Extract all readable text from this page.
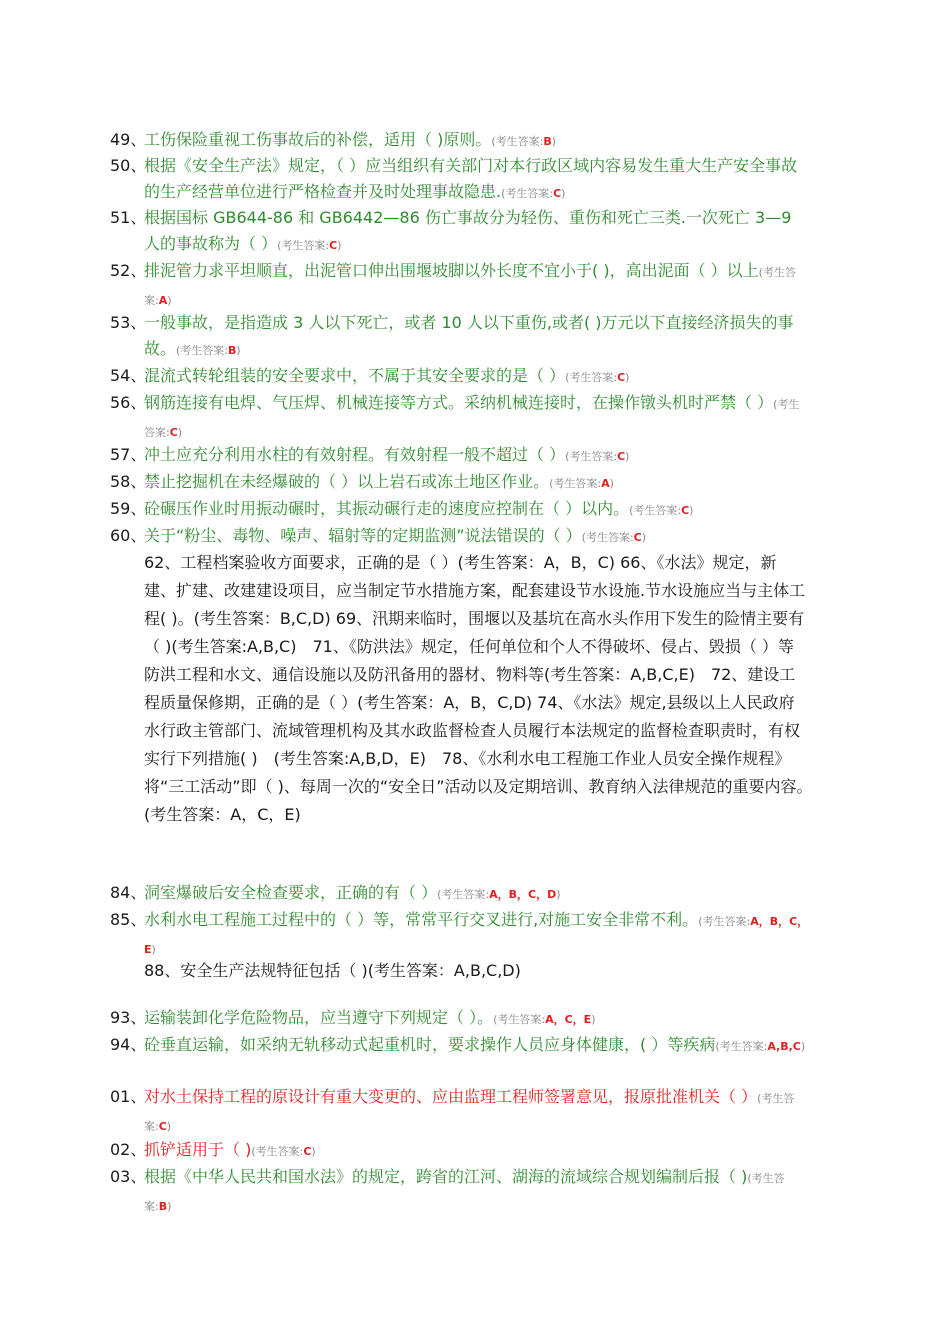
49、
工伤保险重视工伤事故后的补偿，适用（ )原则。(考生答案:B)
50、
根据《安全生产法》规定，（ ）应当组织有关部门对本行政区域内容易发生重大生产安全事故的生产经营单位进行严格检查并及时处理事故隐患.(考生答案:C)
51、
根据国标 GB644-86 和 GB6442—86 伤亡事故分为轻伤、重伤和死亡三类.一次死亡 3—9 人的事故称为（ ）(考生答案:C)
52、
排泥管力求平坦顺直，出泥管口伸出围堰坡脚以外长度不宜小于( )，高出泥面（ ）以上(考生答案:A)
53、
一般事故，是指造成 3 人以下死亡，或者 10 人以下重伤,或者( )万元以下直接经济损失的事故。(考生答案:B)
54、
混流式转轮组装的安全要求中，不属于其安全要求的是（ ）(考生答案:C)
56、
钢筋连接有电焊、气压焊、机械连接等方式。采纳机械连接时，在操作镦头机时严禁（ ）(考生答案:C)
57、
冲土应充分利用水柱的有效射程。有效射程一般不超过（ ）(考生答案:C)
58、
禁止挖掘机在未经爆破的（ ）以上岩石或冻土地区作业。(考生答案:A)
59、
砼碾压作业时用振动碾时，其振动碾行走的速度应控制在（ ）以内。(考生答案:C)
60、
关于“粉尘、毒物、噪声、辐射等的定期监测”说法错误的（ ）(考生答案:C)
62、工程档案验收方面要求，正确的是（ ）(考生答案：A，B，C) 66、《水法》规定，新建、扩建、改建建设项目，应当制定节水措施方案，配套建设节水设施.节水设施应当与主体工程( )。(考生答案：B,C,D) 69、汛期来临时，围堰以及基坑在高水头作用下发生的险情主要有（ )(考生答案:A,B,C)　71、《防洪法》规定，任何单位和个人不得破坏、侵占、毁损（ ）等防洪工程和水文、通信设施以及防汛备用的器材、物料等(考生答案：A,B,C,E)　72、建设工程质量保修期，正确的是（ ）(考生答案：A，B，C,D) 74、《水法》规定,县级以上人民政府水行政主管部门、流域管理机构及其水政监督检查人员履行本法规定的监督检查职责时，有权实行下列措施( )　(考生答案:A,B,D，E)　78、《水利水电工程施工作业人员安全操作规程》将“三工活动”即（ )、每周一次的“安全日”活动以及定期培训、教育纳入法律规范的重要内容。　(考生答案：A，C，E)
84、
洞室爆破后安全检查要求，正确的有（ ）(考生答案:A，B，C，D)
85、
水利水电工程施工过程中的（ ）等，常常平行交叉进行,对施工安全非常不利。(考生答案:A，B，C，E)
88、安全生产法规特征包括（ )(考生答案：A,B,C,D)
93、
运输装卸化学危险物品，应当遵守下列规定（ ）。(考生答案:A，C，E)
94、
砼垂直运输，如采纳无轨移动式起重机时，要求操作人员应身体健康，( ）等疾病(考生答案:A,B,C)
01、
对水土保持工程的原设计有重大变更的、应由监理工程师签署意见，报原批准机关（ ）(考生答案:C)
02、
抓铲适用于（ )(考生答案:C)
03、
根据《中华人民共和国水法》的规定，跨省的江河、湖海的流域综合规划编制后报（ )(考生答案:B)
